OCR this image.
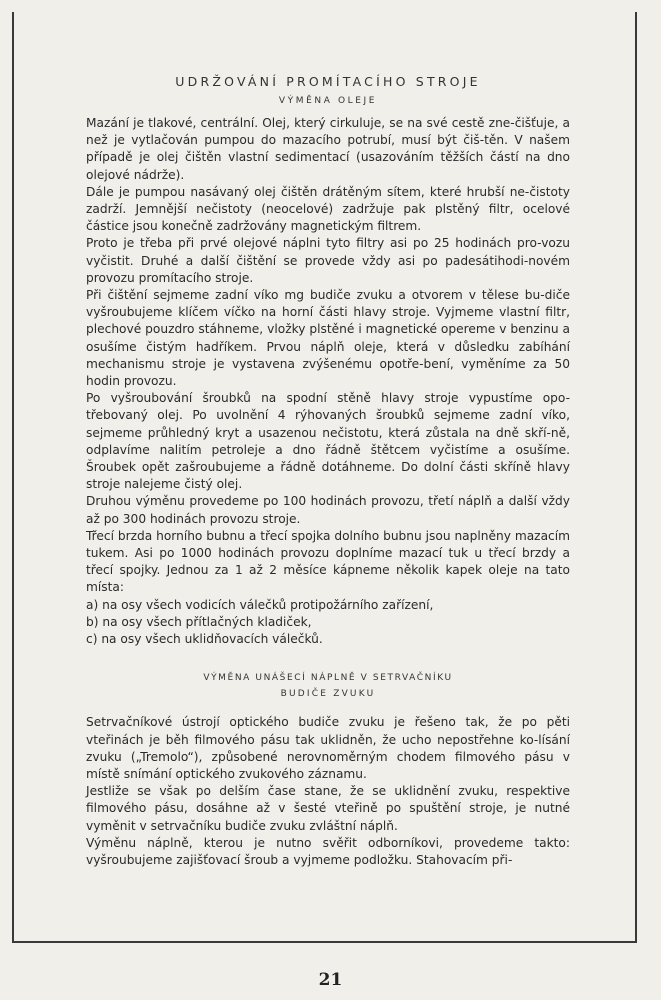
UDRŽOVÁNÍ PROMÍTACÍHO STROJE
VÝMĚNA OLEJE

Mazání je tlakové, centrální. Olej, který cirkuluje, se na své cestě zne-čišťuje, a než je vytlačován pumpou do mazacího potrubí, musí být čiš-těn. V našem případě je olej čištěn vlastní sedimentací (usazováním těžších částí na dno olejové nádrže).

Dále je pumpou nasávaný olej čištěn drátěným sítem, které hrubší ne-čistoty zadrží. Jemnější nečistoty (neocelové) zadržuje pak plstěný filtr, ocelové částice jsou konečně zadržovány magnetickým filtrem.

Proto je třeba při prvé olejové náplni tyto filtry asi po 25 hodinách pro-vozu vyčistit. Druhé a další čištění se provede vždy asi po padesátihodi-novém provozu promítacího stroje.

Při čištění sejmeme zadní víko mg budiče zvuku a otvorem v tělese bu-diče vyšroubujeme klíčem víčko na horní části hlavy stroje. Vyjmeme vlastní filtr, plechové pouzdro stáhneme, vložky plstěné i magnetické opereme v benzinu a osušíme čistým hadříkem. Prvou náplň oleje, která v důsledku zabíhání mechanismu stroje je vystavena zvýšenému opotře-bení, vyměníme za 50 hodin provozu.

Po vyšroubování šroubků na spodní stěně hlavy stroje vypustíme opo-třebovaný olej. Po uvolnění 4 rýhovaných šroubků sejmeme zadní víko, sejmeme průhledný kryt a usazenou nečistotu, která zůstala na dně skří-ně, odplavíme nalitím petroleje a dno řádně štětcem vyčistíme a osušíme. Šroubek opět zašroubujeme a řádně dotáhneme. Do dolní části skříně hlavy stroje nalejeme čistý olej.

Druhou výměnu provedeme po 100 hodinách provozu, třetí náplň a další vždy až po 300 hodinách provozu stroje.

Třecí brzda horního bubnu a třecí spojka dolního bubnu jsou naplněny mazacím tukem. Asi po 1000 hodinách provozu doplníme mazací tuk u třecí brzdy a třecí spojky. Jednou za 1 až 2 měsíce kápneme několik kapek oleje na tato místa:

a) na osy všech vodicích válečků protipožárního zařízení,

b) na osy všech přítlačných kladiček,

c) na osy všech uklidňovacích válečků.

VÝMĚNA UNÁŠECÍ NÁPLNĚ V SETRVAČNÍKU
BUDIČE ZVUKU

Setrvačníkové ústrojí optického budiče zvuku je řešeno tak, že po pěti vteřinách je běh filmového pásu tak uklidněn, že ucho nepostřehne ko-lísání zvuku („Tremolo“), způsobené nerovnoměrným chodem filmového pásu v místě snímání optického zvukového záznamu.

Jestliže se však po delším čase stane, že se uklidnění zvuku, respektive filmového pásu, dosáhne až v šesté vteřině po spuštění stroje, je nutné vyměnit v setrvačníku budiče zvuku zvláštní náplň.

Výměnu náplně, kterou je nutno svěřit odborníkovi, provedeme takto: vyšroubujeme zajišťovací šroub a vyjmeme podložku. Stahovacím při-

21
